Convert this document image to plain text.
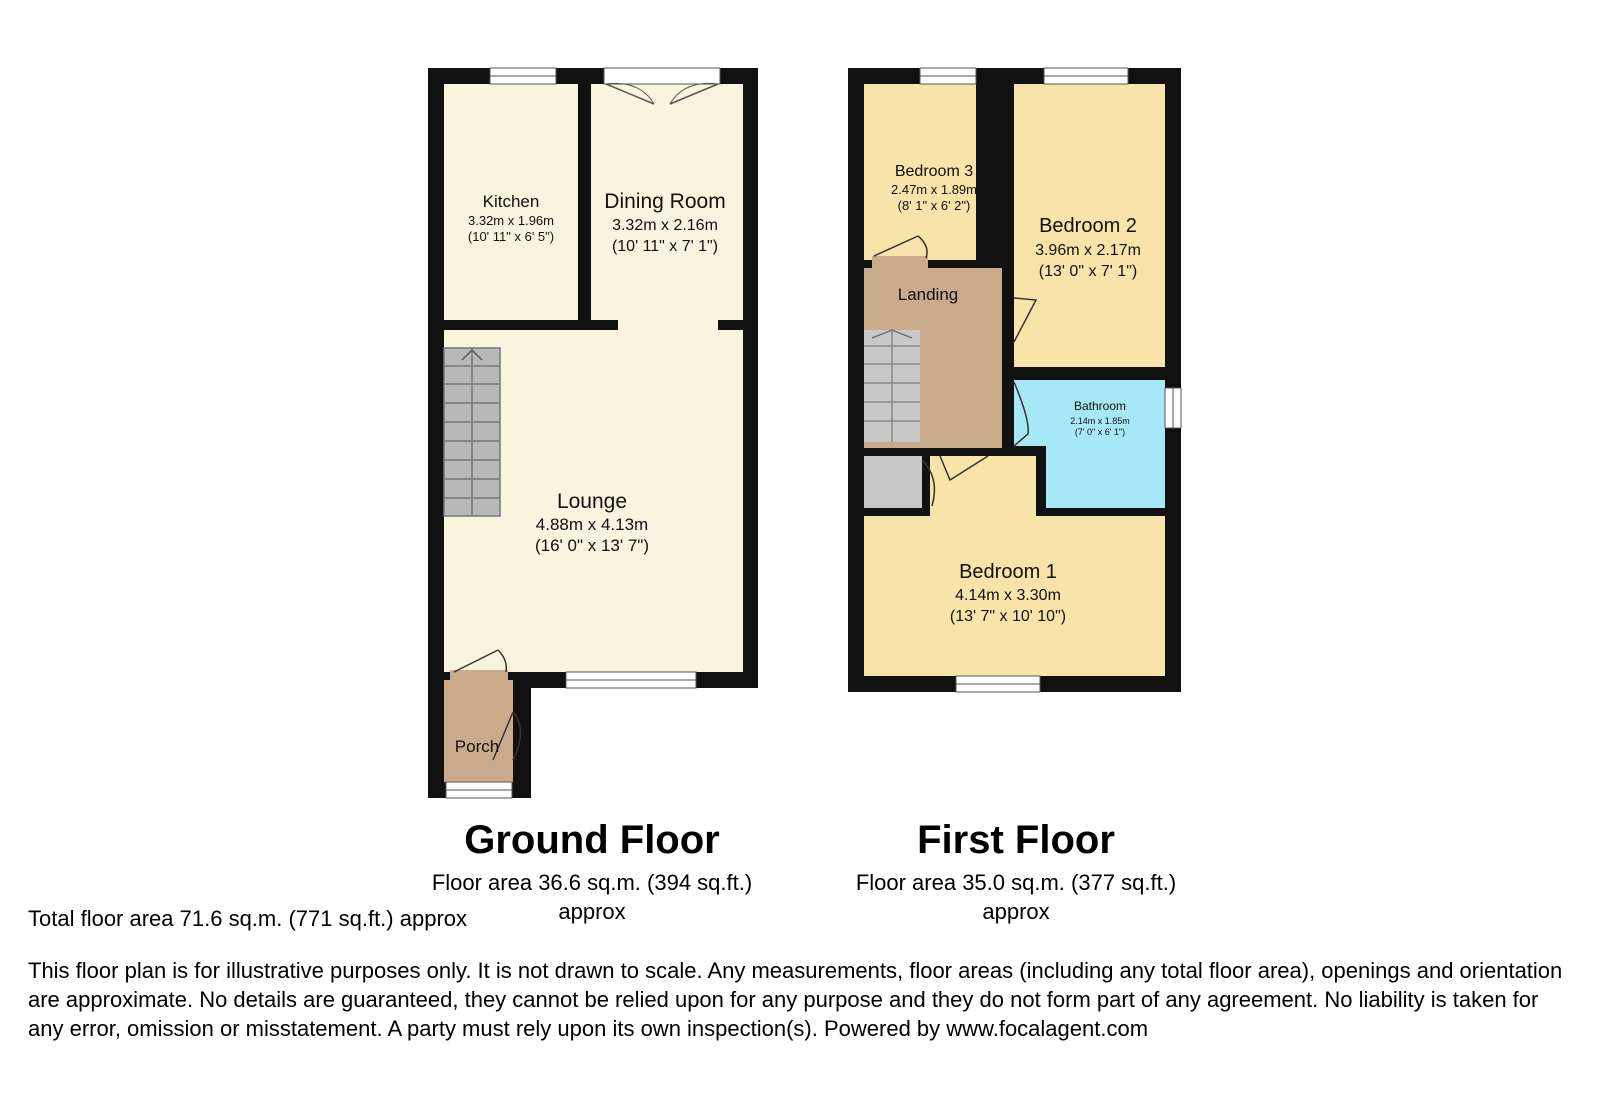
Kitchen
3.32m x 1.96m
(10' 11" x 6' 5")
Dining Room
3.32m x 2.16m
(10' 11" x 7' 1")
Lounge
4.88m x 4.13m
(16' 0" x 13' 7")
Porch
Bedroom 3
2.47m x 1.89m
(8' 1" x 6' 2")
Bedroom 2
3.96m x 2.17m
(13' 0" x 7' 1")
Landing
Bathroom
2.14m x 1.85m
(7' 0" x 6' 1")
Bedroom 1
4.14m x 3.30m
(13' 7" x 10' 10")
Ground Floor
Floor area 36.6 sq.m. (394 sq.ft.)
approx
First Floor
Floor area 35.0 sq.m. (377 sq.ft.)
approx
Total floor area 71.6 sq.m. (771 sq.ft.) approx
This floor plan is for illustrative purposes only. It is not drawn to scale. Any measurements, floor areas (including any total floor area), openings and orientation are approximate. No details are guaranteed, they cannot be relied upon for any purpose and they do not form part of any agreement. No liability is taken for any error, omission or misstatement. A party must rely upon its own inspection(s). Powered by www.focalagent.com
